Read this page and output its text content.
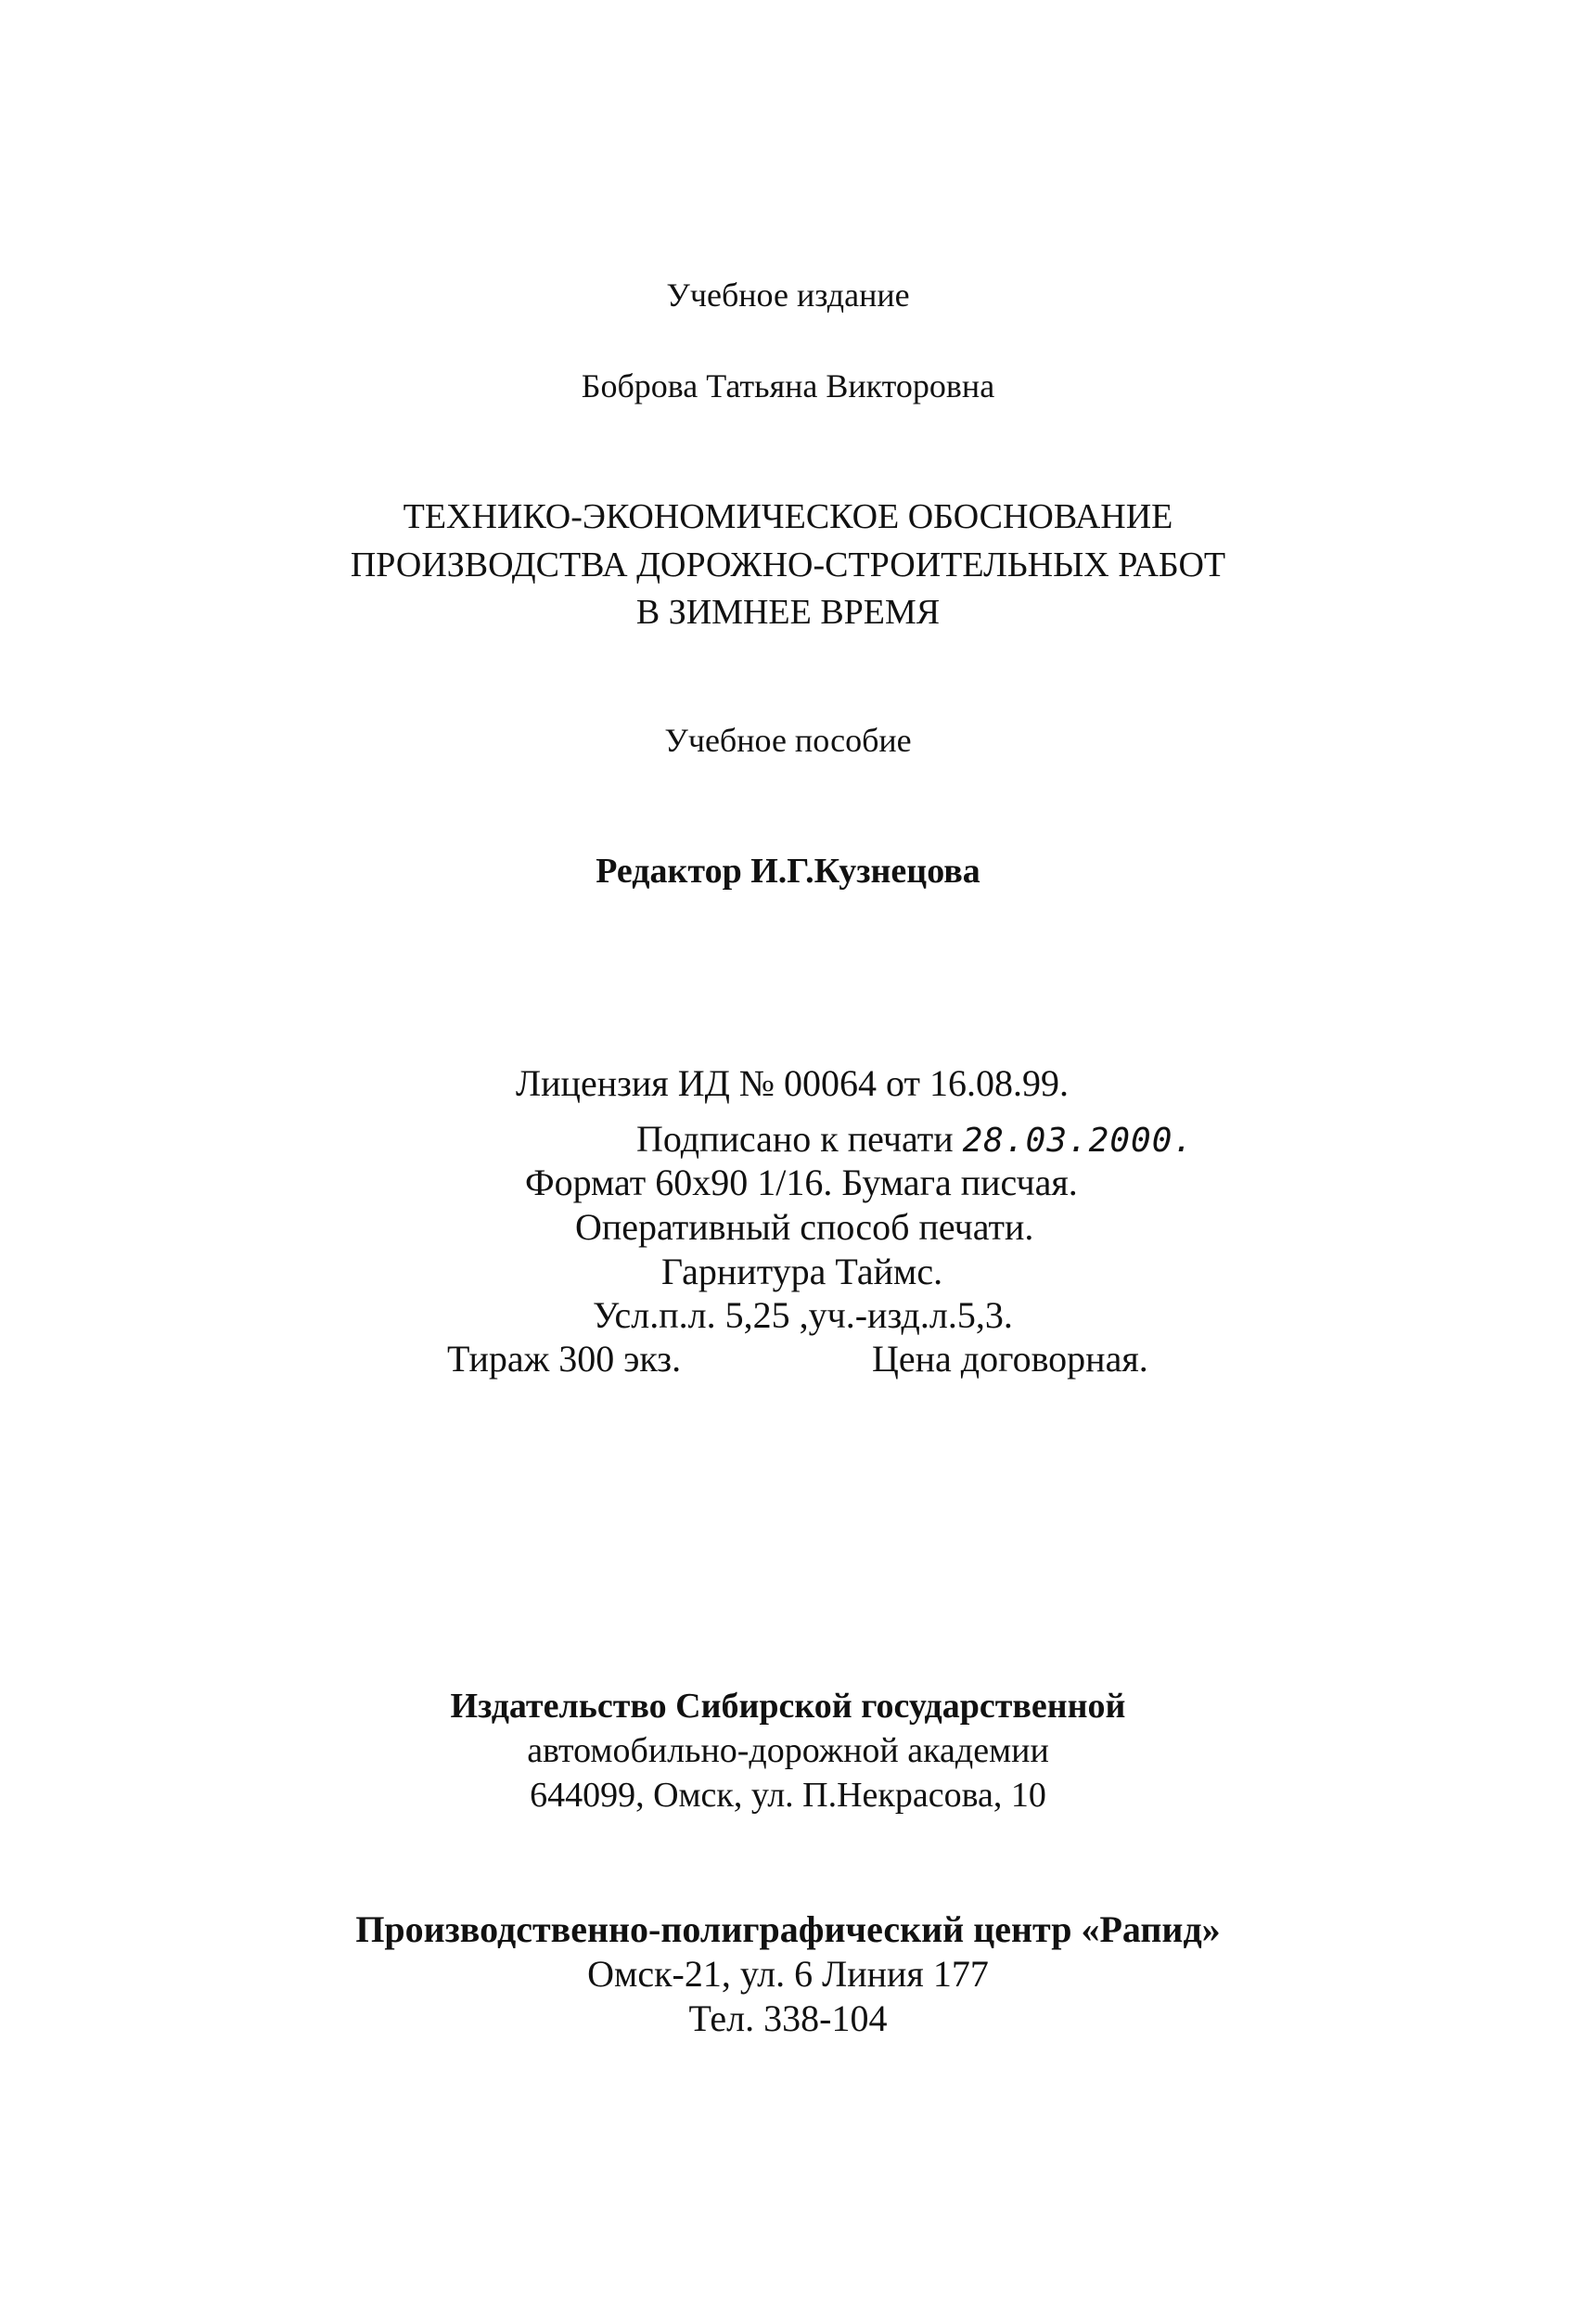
Учебное издание
Боброва Татьяна Викторовна
ТЕХНИКО-ЭКОНОМИЧЕСКОЕ ОБОСНОВАНИЕ
ПРОИЗВОДСТВА ДОРОЖНО-СТРОИТЕЛЬНЫХ РАБОТ
В ЗИМНЕЕ ВРЕМЯ
Учебное пособие
Редактор И.Г.Кузнецова
Лицензия ИД № 00064 от 16.08.99.
Подписано к печати 28.03.2000.
Формат 60х90 1/16. Бумага писчая.
Оперативный способ печати.
Гарнитура Таймс.
Усл.п.л. 5,25 ,уч.-изд.л.5,3.
Тираж 300 экз.	Цена договорная.
Издательство Сибирской государственной
автомобильно-дорожной академии
644099, Омск, ул. П.Некрасова, 10
Производственно-полиграфический центр «Рапид»
Омск-21, ул. 6 Линия 177
Тел. 338-104
